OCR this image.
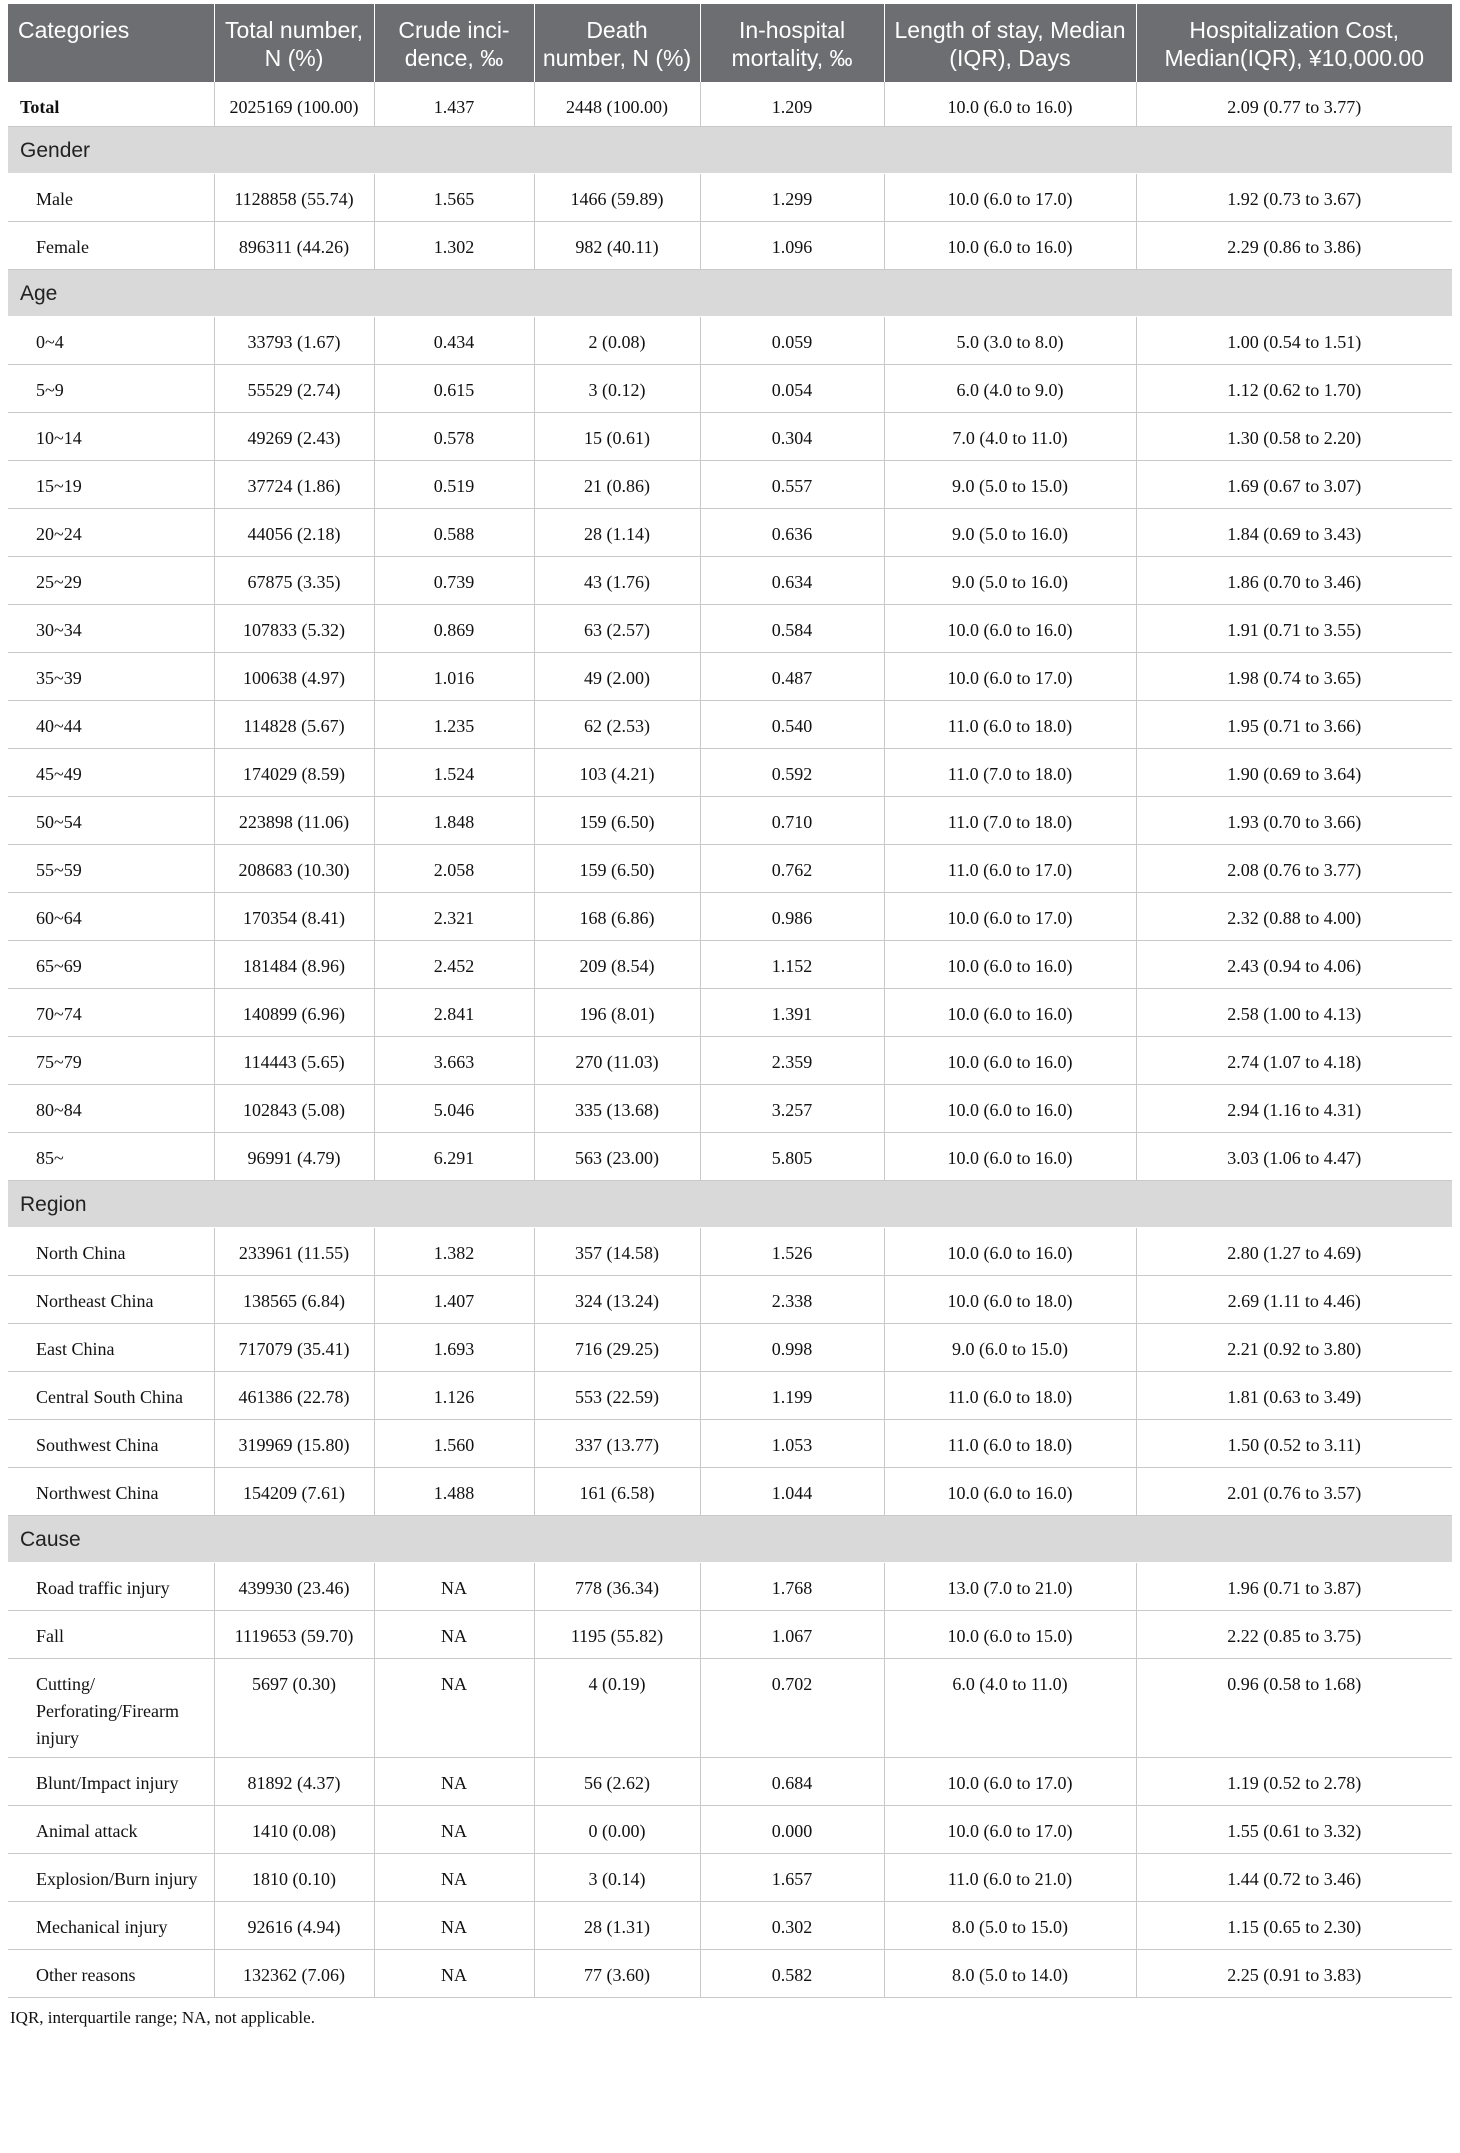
Categories	Total number, N (%)	Crude inci-dence, ‰	Death number, N (%)	In-hospital mortality, ‰	Length of stay, Median (IQR), Days	Hospitalization Cost, Median(IQR), ¥10,000.00
Total	2025169 (100.00)	1.437	2448 (100.00)	1.209	10.0 (6.0 to 16.0)	2.09 (0.77 to 3.77)
Gender						
Male	1128858 (55.74)	1.565	1466 (59.89)	1.299	10.0 (6.0 to 17.0)	1.92 (0.73 to 3.67)
Female	896311 (44.26)	1.302	982 (40.11)	1.096	10.0 (6.0 to 16.0)	2.29 (0.86 to 3.86)
Age						
0~4	33793 (1.67)	0.434	2 (0.08)	0.059	5.0 (3.0 to 8.0)	1.00 (0.54 to 1.51)
5~9	55529 (2.74)	0.615	3 (0.12)	0.054	6.0 (4.0 to 9.0)	1.12 (0.62 to 1.70)
10~14	49269 (2.43)	0.578	15 (0.61)	0.304	7.0 (4.0 to 11.0)	1.30 (0.58 to 2.20)
15~19	37724 (1.86)	0.519	21 (0.86)	0.557	9.0 (5.0 to 15.0)	1.69 (0.67 to 3.07)
20~24	44056 (2.18)	0.588	28 (1.14)	0.636	9.0 (5.0 to 16.0)	1.84 (0.69 to 3.43)
25~29	67875 (3.35)	0.739	43 (1.76)	0.634	9.0 (5.0 to 16.0)	1.86 (0.70 to 3.46)
30~34	107833 (5.32)	0.869	63 (2.57)	0.584	10.0 (6.0 to 16.0)	1.91 (0.71 to 3.55)
35~39	100638 (4.97)	1.016	49 (2.00)	0.487	10.0 (6.0 to 17.0)	1.98 (0.74 to 3.65)
40~44	114828 (5.67)	1.235	62 (2.53)	0.540	11.0 (6.0 to 18.0)	1.95 (0.71 to 3.66)
45~49	174029 (8.59)	1.524	103 (4.21)	0.592	11.0 (7.0 to 18.0)	1.90 (0.69 to 3.64)
50~54	223898 (11.06)	1.848	159 (6.50)	0.710	11.0 (7.0 to 18.0)	1.93 (0.70 to 3.66)
55~59	208683 (10.30)	2.058	159 (6.50)	0.762	11.0 (6.0 to 17.0)	2.08 (0.76 to 3.77)
60~64	170354 (8.41)	2.321	168 (6.86)	0.986	10.0 (6.0 to 17.0)	2.32 (0.88 to 4.00)
65~69	181484 (8.96)	2.452	209 (8.54)	1.152	10.0 (6.0 to 16.0)	2.43 (0.94 to 4.06)
70~74	140899 (6.96)	2.841	196 (8.01)	1.391	10.0 (6.0 to 16.0)	2.58 (1.00 to 4.13)
75~79	114443 (5.65)	3.663	270 (11.03)	2.359	10.0 (6.0 to 16.0)	2.74 (1.07 to 4.18)
80~84	102843 (5.08)	5.046	335 (13.68)	3.257	10.0 (6.0 to 16.0)	2.94 (1.16 to 4.31)
85~	96991 (4.79)	6.291	563 (23.00)	5.805	10.0 (6.0 to 16.0)	3.03 (1.06 to 4.47)
Region						
North China	233961 (11.55)	1.382	357 (14.58)	1.526	10.0 (6.0 to 16.0)	2.80 (1.27 to 4.69)
Northeast China	138565 (6.84)	1.407	324 (13.24)	2.338	10.0 (6.0 to 18.0)	2.69 (1.11 to 4.46)
East China	717079 (35.41)	1.693	716 (29.25)	0.998	9.0 (6.0 to 15.0)	2.21 (0.92 to 3.80)
Central South China	461386 (22.78)	1.126	553 (22.59)	1.199	11.0 (6.0 to 18.0)	1.81 (0.63 to 3.49)
Southwest China	319969 (15.80)	1.560	337 (13.77)	1.053	11.0 (6.0 to 18.0)	1.50 (0.52 to 3.11)
Northwest China	154209 (7.61)	1.488	161 (6.58)	1.044	10.0 (6.0 to 16.0)	2.01 (0.76 to 3.57)
Cause						
Road traffic injury	439930 (23.46)	NA	778 (36.34)	1.768	13.0 (7.0 to 21.0)	1.96 (0.71 to 3.87)
Fall	1119653 (59.70)	NA	1195 (55.82)	1.067	10.0 (6.0 to 15.0)	2.22 (0.85 to 3.75)
Cutting/ Perforating/Firearm injury	5697 (0.30)	NA	4 (0.19)	0.702	6.0 (4.0 to 11.0)	0.96 (0.58 to 1.68)
Blunt/Impact injury	81892 (4.37)	NA	56 (2.62)	0.684	10.0 (6.0 to 17.0)	1.19 (0.52 to 2.78)
Animal attack	1410 (0.08)	NA	0 (0.00)	0.000	10.0 (6.0 to 17.0)	1.55 (0.61 to 3.32)
Explosion/Burn injury	1810 (0.10)	NA	3 (0.14)	1.657	11.0 (6.0 to 21.0)	1.44 (0.72 to 3.46)
Mechanical injury	92616 (4.94)	NA	28 (1.31)	0.302	8.0 (5.0 to 15.0)	1.15 (0.65 to 2.30)
Other reasons	132362 (7.06)	NA	77 (3.60)	0.582	8.0 (5.0 to 14.0)	2.25 (0.91 to 3.83)
IQR, interquartile range; NA, not applicable.
